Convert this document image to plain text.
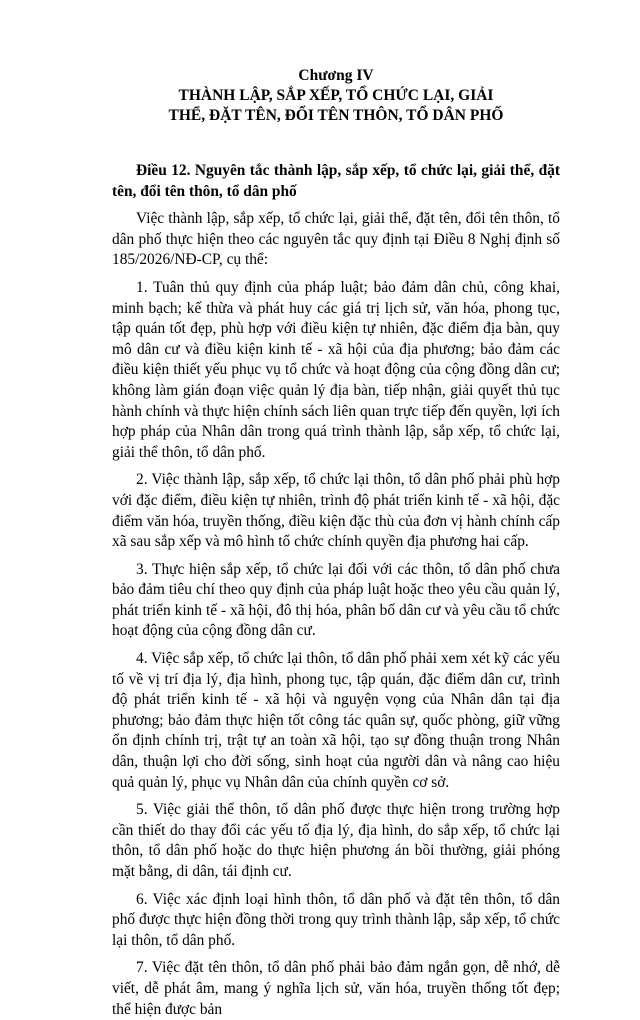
Chương IV
THÀNH LẬP, SẮP XẾP, TỔ CHỨC LẠI, GIẢI THỂ, ĐẶT TÊN, ĐỔI TÊN THÔN, TỔ DÂN PHỐ
Điều 12. Nguyên tắc thành lập, sắp xếp, tổ chức lại, giải thể, đặt tên, đổi tên thôn, tổ dân phố

Việc thành lập, sắp xếp, tổ chức lại, giải thể, đặt tên, đổi tên thôn, tổ dân phố thực hiện theo các nguyên tắc quy định tại Điều 8 Nghị định số 185/2026/NĐ-CP, cụ thể:

1. Tuân thủ quy định của pháp luật; bảo đảm dân chủ, công khai, minh bạch; kế thừa và phát huy các giá trị lịch sử, văn hóa, phong tục, tập quán tốt đẹp, phù hợp với điều kiện tự nhiên, đặc điểm địa bàn, quy mô dân cư và điều kiện kinh tế - xã hội của địa phương; bảo đảm các điều kiện thiết yếu phục vụ tổ chức và hoạt động của cộng đồng dân cư; không làm gián đoạn việc quản lý địa bàn, tiếp nhận, giải quyết thủ tục hành chính và thực hiện chính sách liên quan trực tiếp đến quyền, lợi ích hợp pháp của Nhân dân trong quá trình thành lập, sắp xếp, tổ chức lại, giải thể thôn, tổ dân phố.

2. Việc thành lập, sắp xếp, tổ chức lại thôn, tổ dân phố phải phù hợp với đặc điểm, điều kiện tự nhiên, trình độ phát triển kinh tế - xã hội, đặc điểm văn hóa, truyền thống, điều kiện đặc thù của đơn vị hành chính cấp xã sau sắp xếp và mô hình tổ chức chính quyền địa phương hai cấp.

3. Thực hiện sắp xếp, tổ chức lại đối với các thôn, tổ dân phố chưa bảo đảm tiêu chí theo quy định của pháp luật hoặc theo yêu cầu quản lý, phát triển kinh tế - xã hội, đô thị hóa, phân bố dân cư và yêu cầu tổ chức hoạt động của cộng đồng dân cư.

4. Việc sắp xếp, tổ chức lại thôn, tổ dân phố phải xem xét kỹ các yếu tố về vị trí địa lý, địa hình, phong tục, tập quán, đặc điểm dân cư, trình độ phát triển kinh tế - xã hội và nguyện vọng của Nhân dân tại địa phương; bảo đảm thực hiện tốt công tác quân sự, quốc phòng, giữ vững ổn định chính trị, trật tự an toàn xã hội, tạo sự đồng thuận trong Nhân dân, thuận lợi cho đời sống, sinh hoạt của người dân và nâng cao hiệu quả quản lý, phục vụ Nhân dân của chính quyền cơ sở.

5. Việc giải thể thôn, tổ dân phố được thực hiện trong trường hợp cần thiết do thay đổi các yếu tố địa lý, địa hình, do sắp xếp, tổ chức lại thôn, tổ dân phố hoặc do thực hiện phương án bồi thường, giải phóng mặt bằng, di dân, tái định cư.

6. Việc xác định loại hình thôn, tổ dân phố và đặt tên thôn, tổ dân phố được thực hiện đồng thời trong quy trình thành lập, sắp xếp, tổ chức lại thôn, tổ dân phố.

7. Việc đặt tên thôn, tổ dân phố phải bảo đảm ngắn gọn, dễ nhớ, dễ viết, dễ phát âm, mang ý nghĩa lịch sử, văn hóa, truyền thống tốt đẹp; thể hiện được bản
